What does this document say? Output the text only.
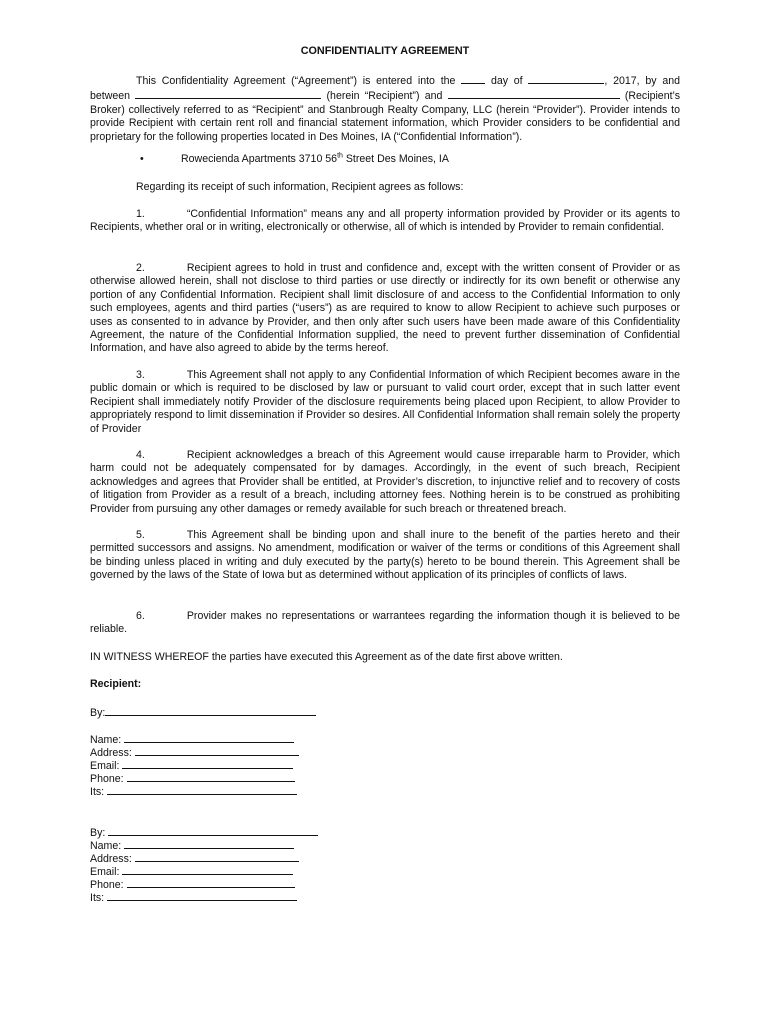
CONFIDENTIALITY AGREEMENT
This Confidentiality Agreement (“Agreement”) is entered into the	day of	, 2017, by and between	(herein “Recipient”) and	(Recipient’s Broker) collectively referred to as “Recipient” and Stanbrough Realty Company, LLC (herein “Provider”). Provider intends to provide Recipient with certain rent roll and financial statement information, which Provider considers to be confidential and proprietary for the following properties located in Des Moines, IA (“Confidential Information”).
•	Rowecienda Apartments 3710 56th Street Des Moines, IA
Regarding its receipt of such information, Recipient agrees as follows:
1.	“Confidential Information” means any and all property information provided by Provider or its agents to Recipients, whether oral or in writing, electronically or otherwise, all of which is intended by Provider to remain confidential.
2.	Recipient agrees to hold in trust and confidence and, except with the written consent of Provider or as otherwise allowed herein, shall not disclose to third parties or use directly or indirectly for its own benefit or otherwise any portion of any Confidential Information. Recipient shall limit disclosure of and access to the Confidential Information to only such employees, agents and third parties (“users”) as are required to know to allow Recipient to achieve such purposes or uses as consented to in advance by Provider, and then only after such users have been made aware of this Confidentiality Agreement, the nature of the Confidential Information supplied, the need to prevent further dissemination of Confidential Information, and have also agreed to abide by the terms hereof.
3.	This Agreement shall not apply to any Confidential Information of which Recipient becomes aware in the public domain or which is required to be disclosed by law or pursuant to valid court order, except that in such latter event Recipient shall immediately notify Provider of the disclosure requirements being placed upon Recipient, to allow Provider to appropriately respond to limit dissemination if Provider so desires. All Confidential Information shall remain solely the property of Provider
4.	Recipient acknowledges a breach of this Agreement would cause irreparable harm to Provider, which harm could not be adequately compensated for by damages. Accordingly, in the event of such breach, Recipient acknowledges and agrees that Provider shall be entitled, at Provider’s discretion, to injunctive relief and to recovery of costs of litigation from Provider as a result of a breach, including attorney fees. Nothing herein is to be construed as prohibiting Provider from pursuing any other damages or remedy available for such breach or threatened breach.
5.	This Agreement shall be binding upon and shall inure to the benefit of the parties hereto and their permitted successors and assigns. No amendment, modification or waiver of the terms or conditions of this Agreement shall be binding unless placed in writing and duly executed by the party(s) hereto to be bound therein. This Agreement shall be governed by the laws of the State of Iowa but as determined without application of its principles of conflicts of laws.
6.	Provider makes no representations or warrantees regarding the information though it is believed to be reliable.
IN WITNESS WHEREOF the parties have executed this Agreement as of the date first above written.
Recipient:
By:
Name:
Address:
Email:
Phone:
Its:
By:
Name:
Address:
Email:
Phone:
Its:
